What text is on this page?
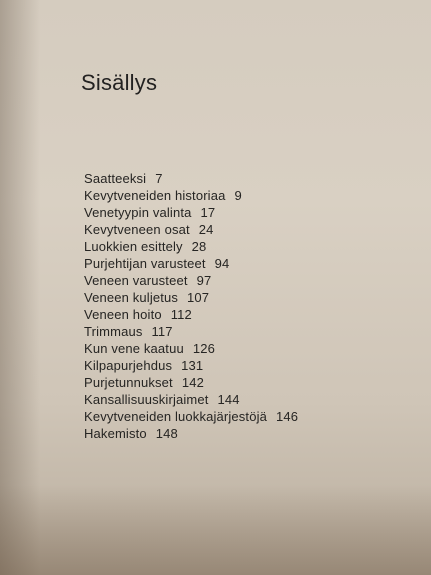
Sisällys
Saatteeksi 7
Kevytveneiden historiaa 9
Venetyypin valinta 17
Kevytveneen osat 24
Luokkien esittely 28
Purjehtijan varusteet 94
Veneen varusteet 97
Veneen kuljetus 107
Veneen hoito 112
Trimmaus 117
Kun vene kaatuu 126
Kilpapurjehdus 131
Purjetunnukset 142
Kansallisuuskirjaimet 144
Kevytveneiden luokkajärjestöjä 146
Hakemisto 148
